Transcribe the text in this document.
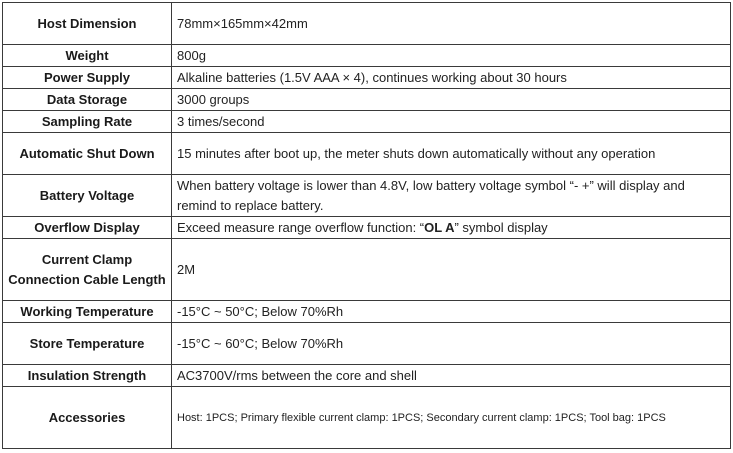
Host Dimension	78mm×165mm×42mm
Weight	800g
Power Supply	Alkaline batteries (1.5V AAA × 4), continues working about 30 hours
Data Storage	3000 groups
Sampling Rate	3 times/second
Automatic Shut Down	15 minutes after boot up, the meter shuts down automatically without any operation
Battery Voltage	When battery voltage is lower than 4.8V, low battery voltage symbol “- +” will display and remind to replace battery.
Overflow Display	Exceed measure range overflow function: “OL A” symbol display
Current Clamp Connection Cable Length	2M
Working Temperature	-15°C ~ 50°C; Below 70%Rh
Store Temperature	-15°C ~ 60°C; Below 70%Rh
Insulation Strength	AC3700V/rms between the core and shell
Accessories	Host: 1PCS; Primary flexible current clamp: 1PCS; Secondary current clamp: 1PCS; Tool bag: 1PCS
